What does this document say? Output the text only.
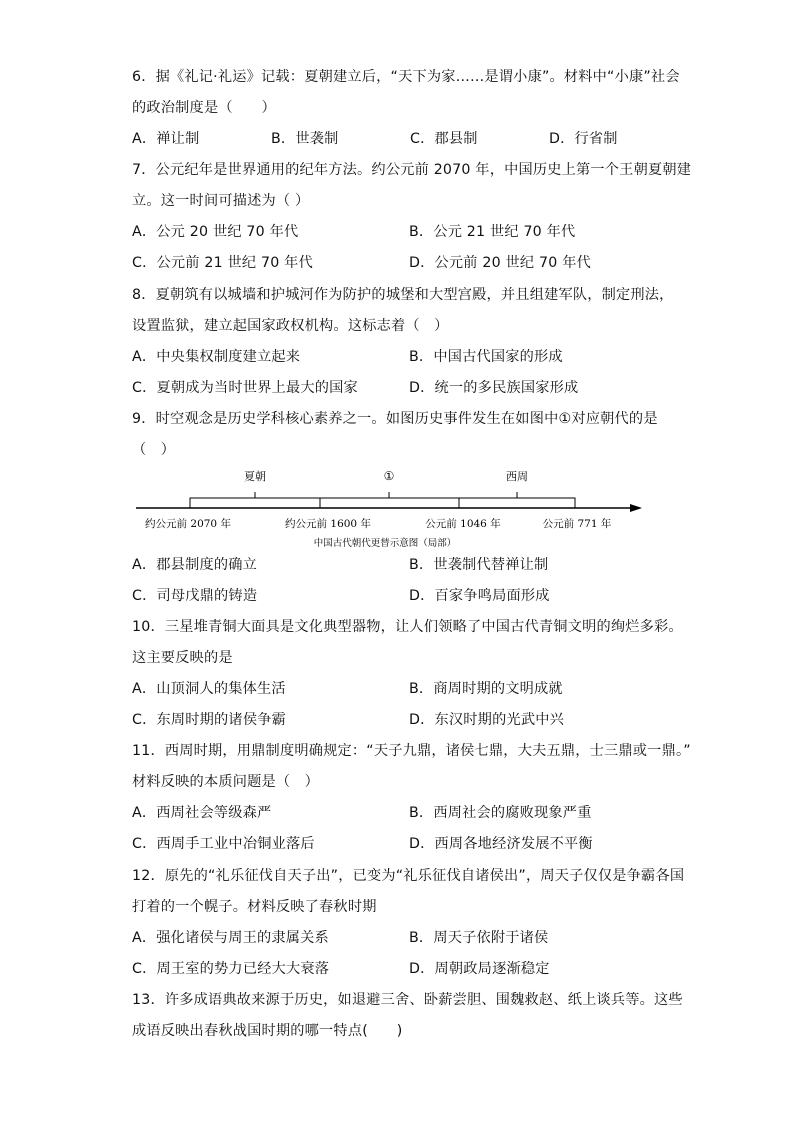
6．据《礼记·礼运》记载：夏朝建立后，“天下为家……是谓小康”。材料中“小康”社会
的政治制度是（　　）
A．禅让制	B．世袭制	C．郡县制	D．行省制
7．公元纪年是世界通用的纪年方法。约公元前 2070 年，中国历史上第一个王朝夏朝建
立。这一时间可描述为（ ）
A．公元 20 世纪 70 年代	B．公元 21 世纪 70 年代
C．公元前 21 世纪 70 年代	D．公元前 20 世纪 70 年代
8．夏朝筑有以城墙和护城河作为防护的城堡和大型宫殿，并且组建军队，制定刑法，
设置监狱，建立起国家政权机构。这标志着（　）
A．中央集权制度建立起来	B．中国古代国家的形成
C．夏朝成为当时世界上最大的国家	D．统一的多民族国家形成
9．时空观念是历史学科核心素养之一。如图历史事件发生在如图中①对应朝代的是
（　）
夏朝	①	西周
约公元前 2070 年	约公元前 1600 年	公元前 1046 年	公元前 771 年
中国古代朝代更替示意图（局部）
A．郡县制度的确立	B．世袭制代替禅让制
C．司母戊鼎的铸造	D．百家争鸣局面形成
10．三星堆青铜大面具是文化典型器物，让人们领略了中国古代青铜文明的绚烂多彩。
这主要反映的是
A．山顶洞人的集体生活	B．商周时期的文明成就
C．东周时期的诸侯争霸	D．东汉时期的光武中兴
11．西周时期，用鼎制度明确规定：“天子九鼎，诸侯七鼎，大夫五鼎，士三鼎或一鼎。”
材料反映的本质问题是（　）
A．西周社会等级森严	B．西周社会的腐败现象严重
C．西周手工业中冶铜业落后	D．西周各地经济发展不平衡
12．原先的“礼乐征伐自天子出”，已变为“礼乐征伐自诸侯出”，周天子仅仅是争霸各国
打着的一个幌子。材料反映了春秋时期
A．强化诸侯与周王的隶属关系	B．周天子依附于诸侯
C．周王室的势力已经大大衰落	D．周朝政局逐渐稳定
13．许多成语典故来源于历史，如退避三舍、卧薪尝胆、围魏救赵、纸上谈兵等。这些
成语反映出春秋战国时期的哪一特点(　　)
